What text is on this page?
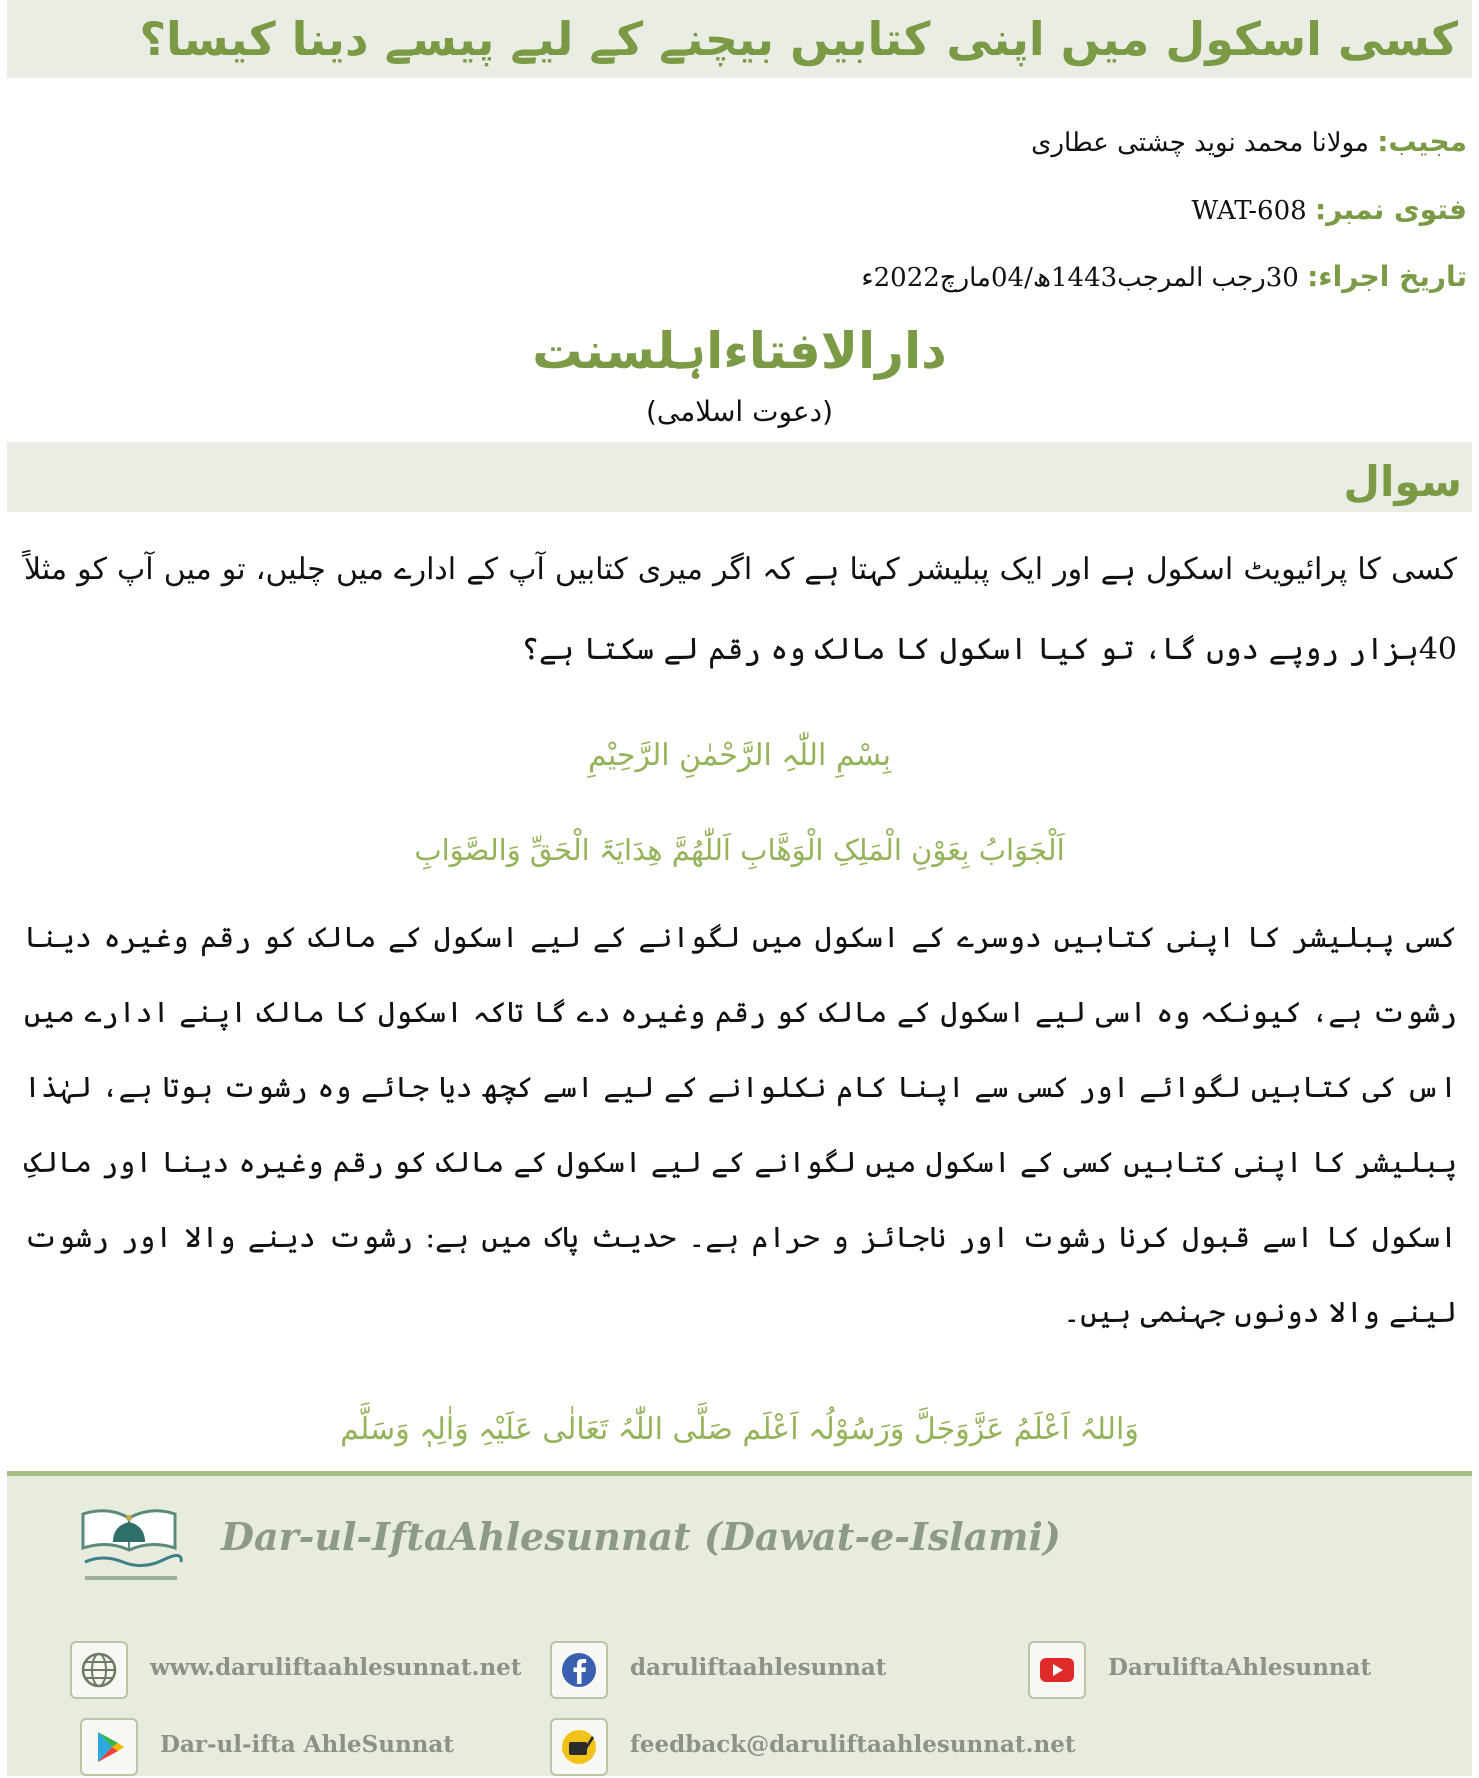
کسی اسکول میں اپنی کتابیں بیچنے کے لیے پیسے دینا کیسا؟
مجیب: مولانا محمد نوید چشتی عطاری
فتوی نمبر: WAT-608
تاریخ اجراء: 30رجب المرجب1443ھ/04مارچ2022ء
دارالافتاءاہلسنت
(دعوت اسلامی)
سوال
کسی کا پرائیویٹ اسکول ہے اور ایک پبلیشر کہتا ہے کہ اگر میری کتابیں آپ کے ادارے میں چلیں، تو میں آپ کو مثلاً 40ہزار روپے دوں گا، تو کیا اسکول کا مالک وہ رقم لے سکتا ہے؟
بِسْمِ اللّٰہِ الرَّحْمٰنِ الرَّحِیْمِ
اَلْجَوَابُ بِعَوْنِ الْمَلِکِ الْوَھَّابِ اَللّٰھُمَّ ھِدَایَۃَ الْحَقِّ وَالصَّوَابِ
کسی پبلیشر کا اپنی کتابیں دوسرے کے اسکول میں لگوانے کے لیے اسکول کے مالک کو رقم وغیرہ دینا رشوت ہے، کیونکہ وہ اسی لیے اسکول کے مالک کو رقم وغیرہ دے گا تاکہ اسکول کا مالک اپنے ادارے میں اس کی کتابیں لگوائے اور کسی سے اپنا کام نکلوانے کے لیے اسے کچھ دیا جائے وہ رشوت ہوتا ہے، لہٰذا پبلیشر کا اپنی کتابیں کسی کے اسکول میں لگوانے کے لیے اسکول کے مالک کو رقم وغیرہ دینا اور مالکِ اسکول کا اسے قبول کرنا رشوت اور ناجائز و حرام ہے۔ حدیث پاک میں ہے: رشوت دینے والا اور رشوت لینے والا دونوں جہنمی ہیں۔
وَاللہُ اَعْلَمُ عَزَّوَجَلَّ وَرَسُوْلُہ اَعْلَم صَلَّی اللّٰہُ تَعَالٰی عَلَیْہِ وَاٰلِہٖ وَسَلَّم
Dar-ul-IftaAhlesunnat (Dawat-e-Islami)
www.daruliftaahlesunnat.net	daruliftaahlesunnat	DaruliftaAhlesunnat
Dar-ul-ifta AhleSunnat	feedback@daruliftaahlesunnat.net
